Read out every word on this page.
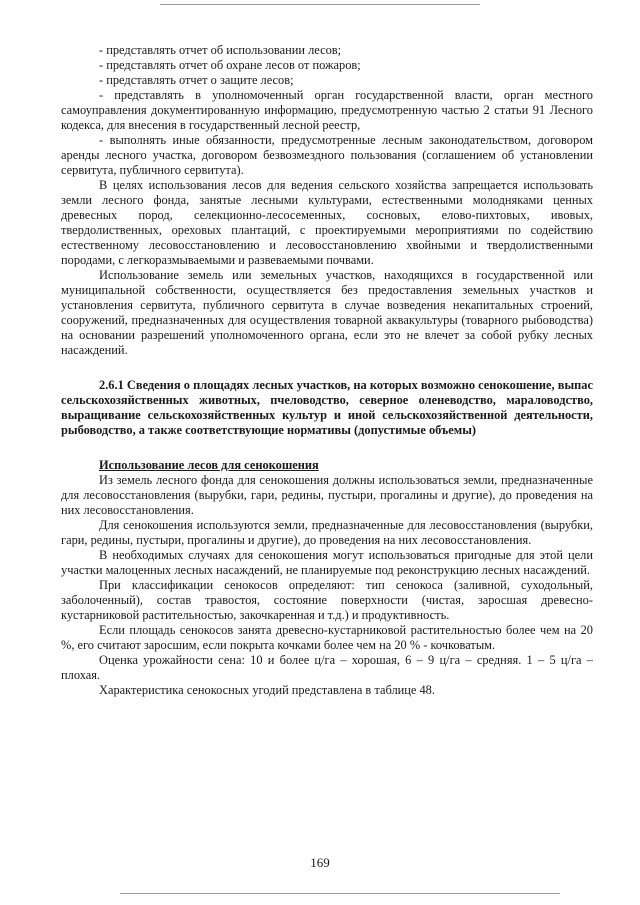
- представлять отчет об использовании лесов;

- представлять отчет об охране лесов от пожаров;

- представлять отчет о защите лесов;

- представлять в уполномоченный орган государственной власти, орган местного самоуправления документированную информацию, предусмотренную частью 2 статьи 91 Лесного кодекса, для внесения в государственный лесной реестр,

- выполнять иные обязанности, предусмотренные лесным законодательством, договором аренды лесного участка, договором безвозмездного пользования (соглашением об установлении сервитута, публичного сервитута).

В целях использования лесов для ведения сельского хозяйства запрещается использовать земли лесного фонда, занятые лесными культурами, естественными молодняками ценных древесных пород, селекционно-лесосеменных, сосновых, елово-пихтовых, ивовых, твердолиственных, ореховых плантаций, с проектируемыми мероприятиями по содействию естественному лесовосстановлению и лесовосстановлению хвойными и твердолиственными породами, с легкоразмываемыми и развеваемыми почвами.

Использование земель или земельных участков, находящихся в государственной или муниципальной собственности, осуществляется без предоставления земельных участков и установления сервитута, публичного сервитута в случае возведения некапитальных строений, сооружений, предназначенных для осуществления товарной аквакультуры (товарного рыбоводства) на основании разрешений уполномоченного органа, если это не влечет за собой рубку лесных насаждений.

2.6.1 Сведения о площадях лесных участков, на которых возможно сенокошение, выпас сельскохозяйственных животных, пчеловодство, северное оленеводство, мараловодство, выращивание сельскохозяйственных культур и иной сельскохозяйственной деятельности, рыбоводство, а также соответствующие нормативы (допустимые объемы)

Использование лесов для сенокошения

Из земель лесного фонда для сенокошения должны использоваться земли, предназначенные для лесовосстановления (вырубки, гари, редины, пустыри, прогалины и другие), до проведения на них лесовосстановления.

Для сенокошения используются земли, предназначенные для лесовосстановления (вырубки, гари, редины, пустыри, прогалины и другие), до проведения на них лесовосстановления.

В необходимых случаях для сенокошения могут использоваться пригодные для этой цели участки малоценных лесных насаждений, не планируемые под реконструкцию лесных насаждений.

При классификации сенокосов определяют: тип сенокоса (заливной, суходольный, заболоченный), состав травостоя, состояние поверхности (чистая, заросшая древесно-кустарниковой растительностью, закочкаренная и т.д.) и продуктивность.

Если площадь сенокосов занята древесно-кустарниковой растительностью более чем на 20 %, его считают заросшим, если покрыта кочками более чем на 20 % - кочковатым.

Оценка урожайности сена: 10 и более ц/га – хорошая, 6 – 9 ц/га – средняя. 1 – 5 ц/га – плохая.

Характеристика сенокосных угодий представлена в таблице 48.

169
